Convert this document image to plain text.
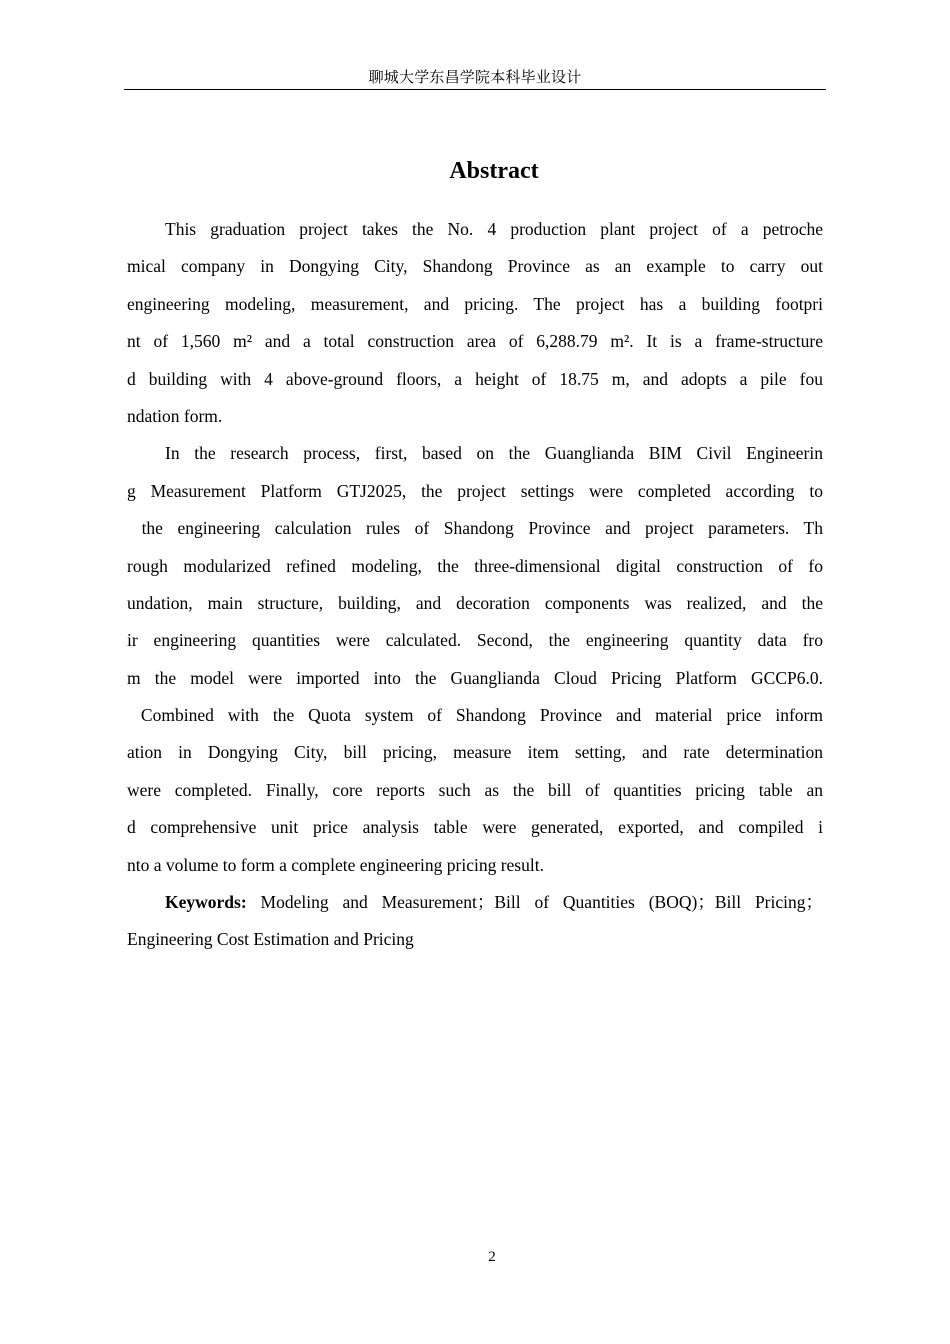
聊城大学东昌学院本科毕业设计
Abstract
This graduation project takes the No. 4 production plant project of a petroche
mical company in Dongying City, Shandong Province as an example to carry out
engineering modeling, measurement, and pricing. The project has a building footpri
nt of 1,560 m² and a total construction area of 6,288.79 m². It is a frame-structure
d building with 4 above-ground floors, a height of 18.75 m, and adopts a pile fou
ndation form.
In the research process, first, based on the Guanglianda BIM Civil Engineerin
g Measurement Platform GTJ2025, the project settings were completed according to
the engineering calculation rules of Shandong Province and project parameters. Th
rough modularized refined modeling, the three-dimensional digital construction of fo
undation, main structure, building, and decoration components was realized, and the
ir engineering quantities were calculated. Second, the engineering quantity data fro
m the model were imported into the Guanglianda Cloud Pricing Platform GCCP6.0.
Combined with the Quota system of Shandong Province and material price inform
ation in Dongying City, bill pricing, measure item setting, and rate determination
were completed. Finally, core reports such as the bill of quantities pricing table an
d comprehensive unit price analysis table were generated, exported, and compiled i
nto a volume to form a complete engineering pricing result.
Keywords: Modeling and Measurement；Bill of Quantities (BOQ)；Bill Pricing；
Engineering Cost Estimation and Pricing
2
